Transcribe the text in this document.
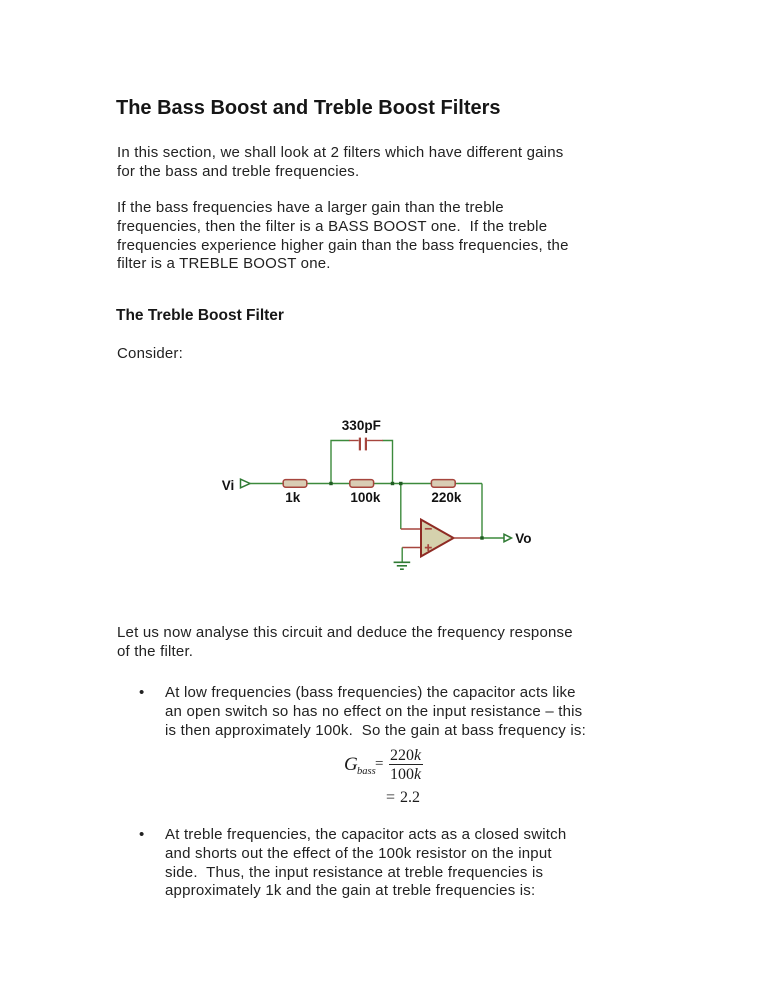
The Bass Boost and Treble Boost Filters
In this section, we shall look at 2 filters which have different gains
for the bass and treble frequencies.
If the bass frequencies have a larger gain than the treble
frequencies, then the filter is a BASS BOOST one.  If the treble
frequencies experience higher gain than the bass frequencies, the
filter is a TREBLE BOOST one.
The Treble Boost Filter
Consider:
330pF
Vi
1k	100k	220k
Vo
Let us now analyse this circuit and deduce the frequency response
of the filter.
•	At low frequencies (bass frequencies) the capacitor acts like
an open switch so has no effect on the input resistance – this
is then approximately 100k.  So the gain at bass frequency is:
G bass = 220k
100k
= 2.2
•	At treble frequencies, the capacitor acts as a closed switch
and shorts out the effect of the 100k resistor on the input
side.  Thus, the input resistance at treble frequencies is
approximately 1k and the gain at treble frequencies is:
